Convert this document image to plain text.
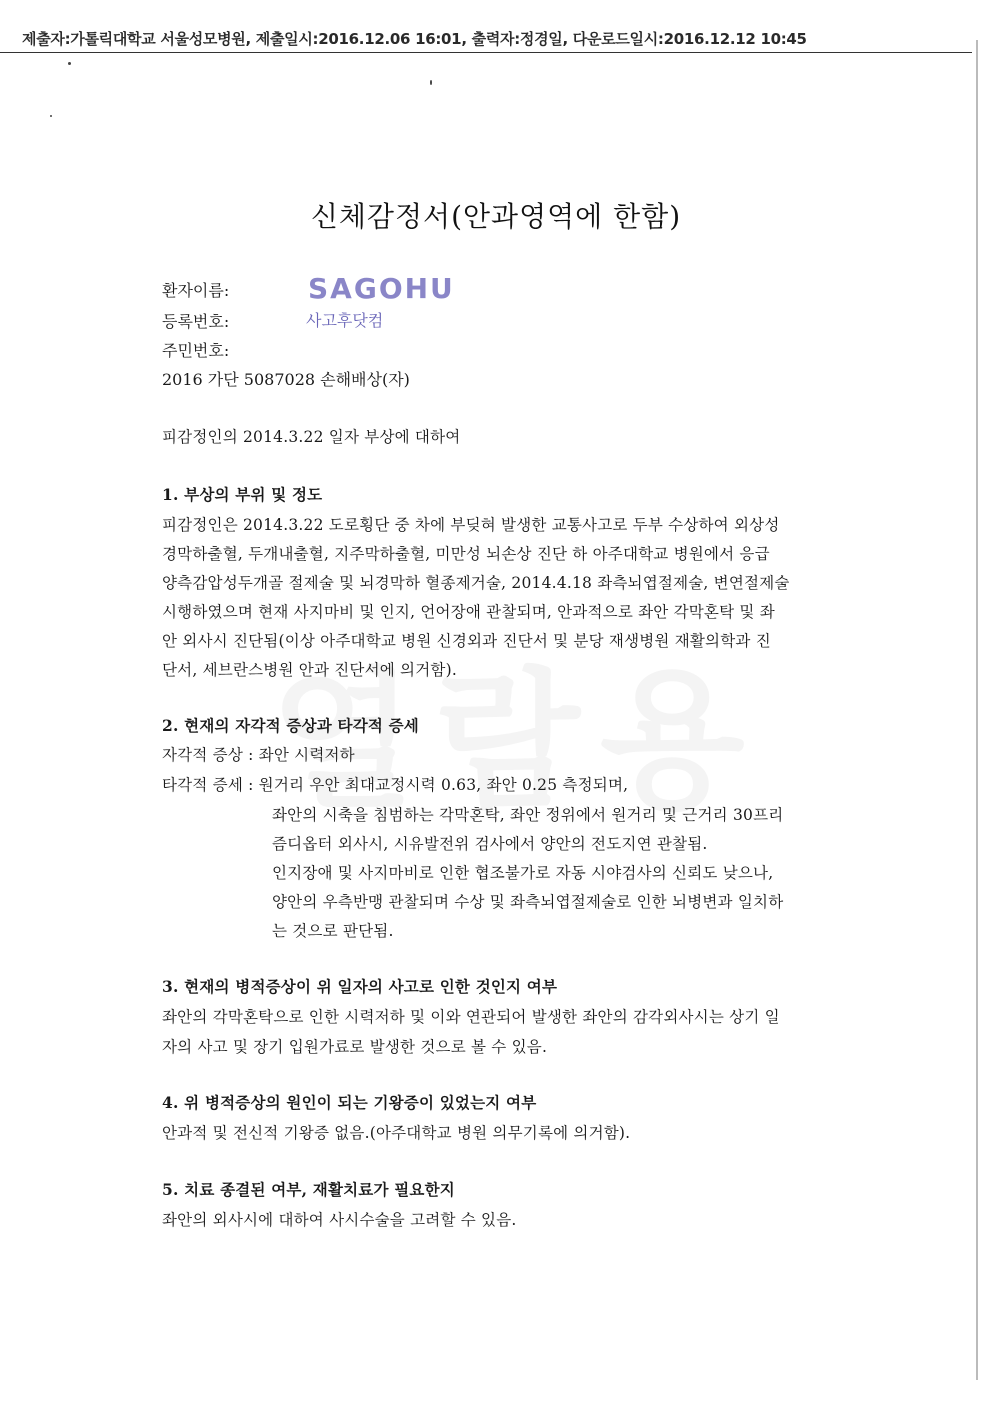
제출자:가톨릭대학교 서울성모병원, 제출일시:2016.12.06 16:01, 출력자:정경일, 다운로드일시:2016.12.12 10:45
신체감정서(안과영역에 한함)
환자이름:
등록번호:
주민번호:
2016 가단 5087028 손해배상(자)
SAGOHU
사고후닷컴
피감정인의 2014.3.22 일자 부상에 대하여
1. 부상의 부위 및 정도
피감정인은 2014.3.22 도로횡단 중 차에 부딪혀 발생한 교통사고로 두부 수상하여 외상성
경막하출혈, 두개내출혈, 지주막하출혈, 미만성 뇌손상 진단 하 아주대학교 병원에서 응급
양측감압성두개골 절제술 및 뇌경막하 혈종제거술, 2014.4.18 좌측뇌엽절제술, 변연절제술
시행하였으며 현재 사지마비 및 인지, 언어장애 관찰되며, 안과적으로 좌안 각막혼탁 및 좌
안 외사시 진단됨(이상 아주대학교 병원 신경외과 진단서 및 분당 재생병원 재활의학과 진
단서, 세브란스병원 안과 진단서에 의거함).
2. 현재의 자각적 증상과 타각적 증세
자각적 증상 : 좌안 시력저하
타각적 증세 : 원거리 우안 최대교정시력 0.63, 좌안 0.25 측정되며,
좌안의 시축을 침범하는 각막혼탁, 좌안 정위에서 원거리 및 근거리 30프리
즘디옵터 외사시, 시유발전위 검사에서 양안의 전도지연 관찰됨.
인지장애 및 사지마비로 인한 협조불가로 자동 시야검사의 신뢰도 낮으나,
양안의 우측반맹 관찰되며 수상 및 좌측뇌엽절제술로 인한 뇌병변과 일치하
는 것으로 판단됨.
3. 현재의 병적증상이 위 일자의 사고로 인한 것인지 여부
좌안의 각막혼탁으로 인한 시력저하 및 이와 연관되어 발생한 좌안의 감각외사시는 상기 일
자의 사고 및 장기 입원가료로 발생한 것으로 볼 수 있음.
4. 위 병적증상의 원인이 되는 기왕증이 있었는지 여부
안과적 및 전신적 기왕증 없음.(아주대학교 병원 의무기록에 의거함).
5. 치료 종결된 여부, 재활치료가 필요한지
좌안의 외사시에 대하여 사시수술을 고려할 수 있음.
